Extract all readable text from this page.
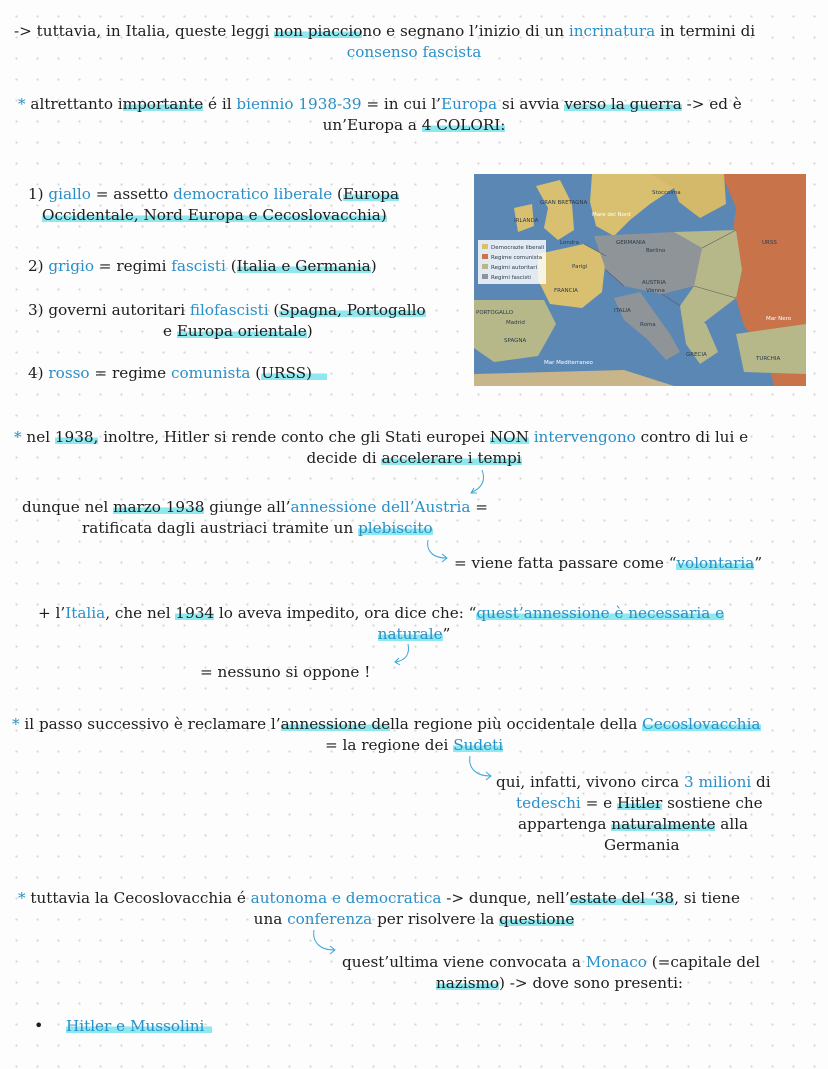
-> tuttavia, in Italia, queste leggi non piacciono e segnano l’inizio di un incrinatura in termini di
consenso fascista
* altrettanto importante é il biennio 1938-39 = in cui l’Europa si avvia verso la guerra -> ed è
un’Europa a 4 COLORI:
1) giallo = assetto democratico liberale (Europa
Occidentale, Nord Europa e Cecoslovacchia)
2) grigio = regimi fascisti (Italia e Germania)
3) governi autoritari filofascisti (Spagna, Portogallo
e Europa orientale)
4) rosso = regime comunista (URSS) 
Democrazie liberali
Regime comunista
Regimi autoritari
Regimi fascisti
GRAN BRETAGNA
IRLANDA
Mare del Nord
Londra
Parigi
FRANCIA
GERMANIA
Berlino
AUSTRIA
Vienna
ITALIA
Roma
PORTOGALLO
Madrid
SPAGNA
Mar Mediterraneo
GRECIA
TURCHIA
URSS
Mar Nero
Stoccolma
* nel 1938, inoltre, Hitler si rende conto che gli Stati europei NON intervengono contro di lui e
decide di accelerare i tempi
dunque nel marzo 1938 giunge all’annessione dell’Austria =
ratificata dagli austriaci tramite un plebiscito
= viene fatta passare come “volontaria”
+ l’Italia, che nel 1934 lo aveva impedito, ora dice che: “quest’annessione è necessaria e
naturale”
= nessuno si oppone !
* il passo successivo è reclamare l’annessione della regione più occidentale della Cecoslovacchia
= la regione dei Sudeti
qui, infatti, vivono circa 3 milioni di
tedeschi = e Hitler sostiene che
appartenga naturalmente alla
Germania
* tuttavia la Cecoslovacchia é autonoma e democratica -> dunque, nell’estate del ‘38, si tiene
una conferenza per risolvere la questione
quest’ultima viene convocata a Monaco (=capitale del
nazismo) -> dove sono presenti:
• Hitler e Mussolini 
